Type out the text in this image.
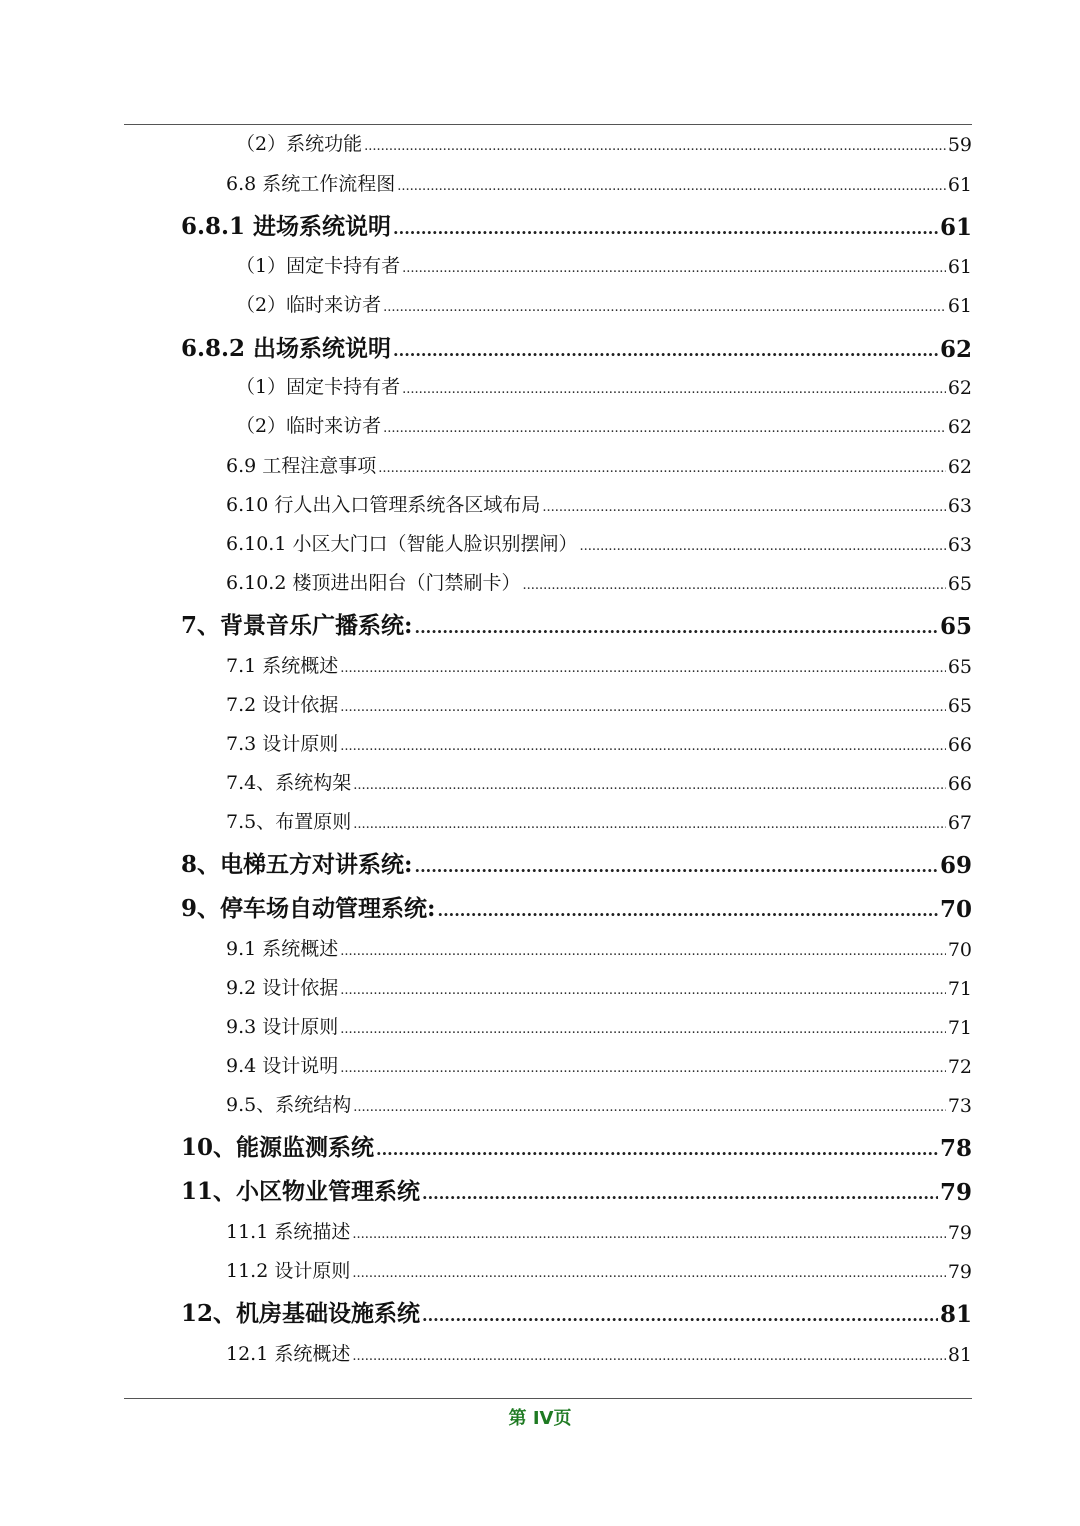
（2）系统功能 .....	59
6.8 系统工作流程图 .....	61
6.8.1 进场系统说明 .....	61
（1）固定卡持有者 .....	61
（2）临时来访者 .....	61
6.8.2 出场系统说明 .....	62
（1）固定卡持有者 .....	62
（2）临时来访者 .....	62
6.9 工程注意事项 .....	62
6.10 行人出入口管理系统各区域布局 .....	63
6.10.1 小区大门口（智能人脸识别摆闸） .....	63
6.10.2 楼顶进出阳台（门禁刷卡） .....	65
7、背景音乐广播系统: .....	65
7.1 系统概述 .....	65
7.2 设计依据 .....	65
7.3 设计原则 .....	66
7.4、系统构架 .....	66
7.5、布置原则 .....	67
8、电梯五方对讲系统: .....	69
9、停车场自动管理系统: .....	70
9.1 系统概述 .....	70
9.2 设计依据 .....	71
9.3 设计原则 .....	71
9.4 设计说明 .....	72
9.5、系统结构 .....	73
10、能源监测系统 .....	78
11、小区物业管理系统 .....	79
11.1 系统描述 .....	79
11.2 设计原则 .....	79
12、机房基础设施系统 .....	81
12.1 系统概述 .....	81
第 IV页
